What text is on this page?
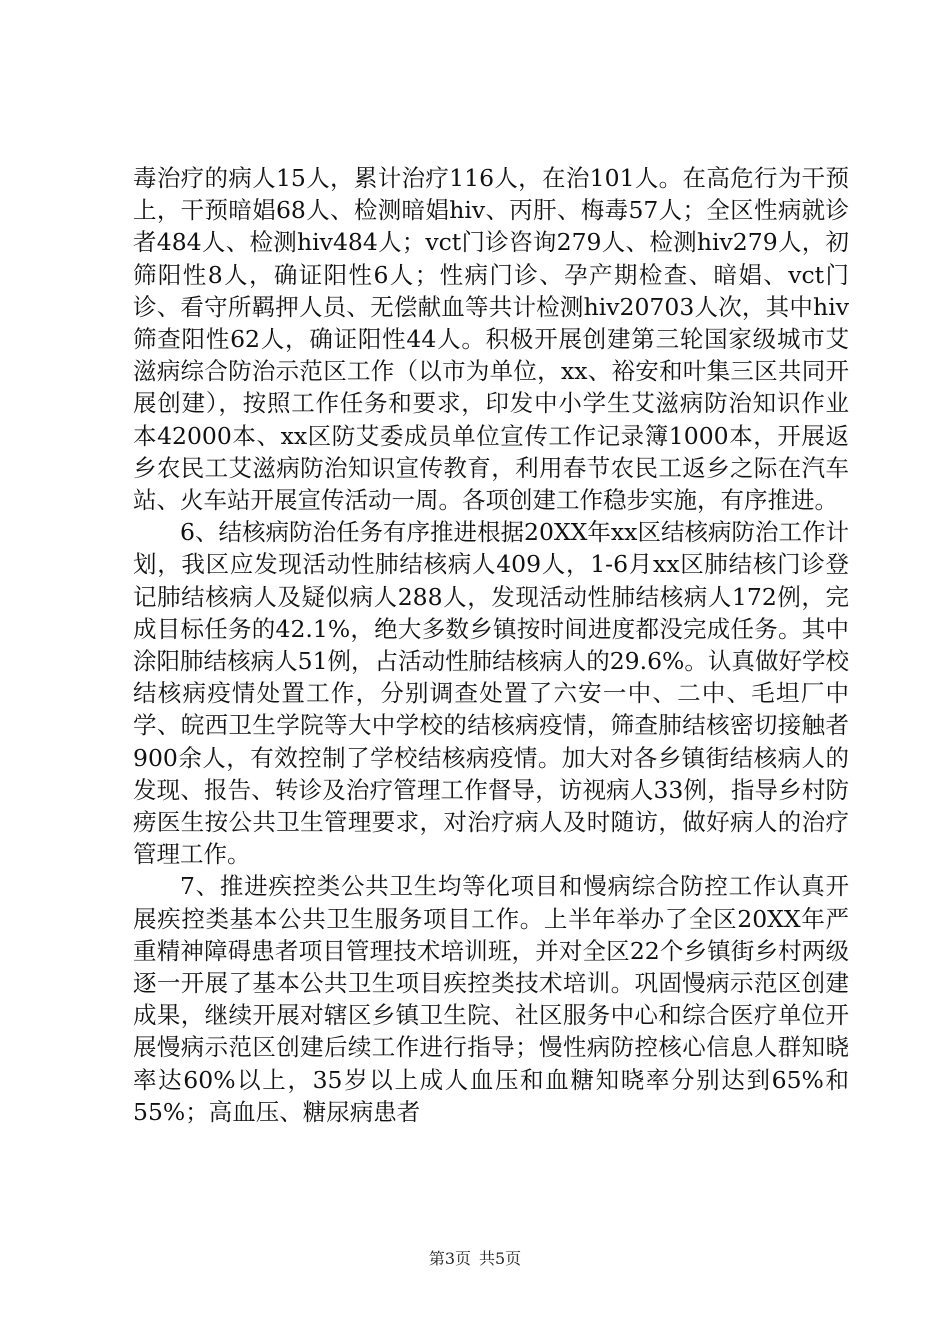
毒治疗的病人15人，累计治疗116人，在治101人。在高危行为干预上，干预暗娼68人、检测暗娼hiv、丙肝、梅毒57人；全区性病就诊者484人、检测hiv484人；vct门诊咨询279人、检测hiv279人，初筛阳性8人，确证阳性6人；性病门诊、孕产期检查、暗娼、vct门诊、看守所羁押人员、无偿献血等共计检测hiv20703人次，其中hiv筛查阳性62人，确证阳性44人。积极开展创建第三轮国家级城市艾滋病综合防治示范区工作（以市为单位，xx、裕安和叶集三区共同开展创建），按照工作任务和要求，印发中小学生艾滋病防治知识作业本42000本、xx区防艾委成员单位宣传工作记录簿1000本，开展返乡农民工艾滋病防治知识宣传教育，利用春节农民工返乡之际在汽车站、火车站开展宣传活动一周。各项创建工作稳步实施，有序推进。

6、结核病防治任务有序推进根据20XX年xx区结核病防治工作计划，我区应发现活动性肺结核病人409人，1-6月xx区肺结核门诊登记肺结核病人及疑似病人288人，发现活动性肺结核病人172例，完成目标任务的42.1%，绝大多数乡镇按时间进度都没完成任务。其中涂阳肺结核病人51例，占活动性肺结核病人的29.6%。认真做好学校结核病疫情处置工作，分别调查处置了六安一中、二中、毛坦厂中学、皖西卫生学院等大中学校的结核病疫情，筛查肺结核密切接触者900余人，有效控制了学校结核病疫情。加大对各乡镇街结核病人的发现、报告、转诊及治疗管理工作督导，访视病人33例，指导乡村防痨医生按公共卫生管理要求，对治疗病人及时随访，做好病人的治疗管理工作。

7、推进疾控类公共卫生均等化项目和慢病综合防控工作认真开展疾控类基本公共卫生服务项目工作。上半年举办了全区20XX年严重精神障碍患者项目管理技术培训班，并对全区22个乡镇街乡村两级逐一开展了基本公共卫生项目疾控类技术培训。巩固慢病示范区创建成果，继续开展对辖区乡镇卫生院、社区服务中心和综合医疗单位开展慢病示范区创建后续工作进行指导；慢性病防控核心信息人群知晓率达60%以上，35岁以上成人血压和血糖知晓率分别达到65%和55%；高血压、糖尿病患者

第3页 共5页
